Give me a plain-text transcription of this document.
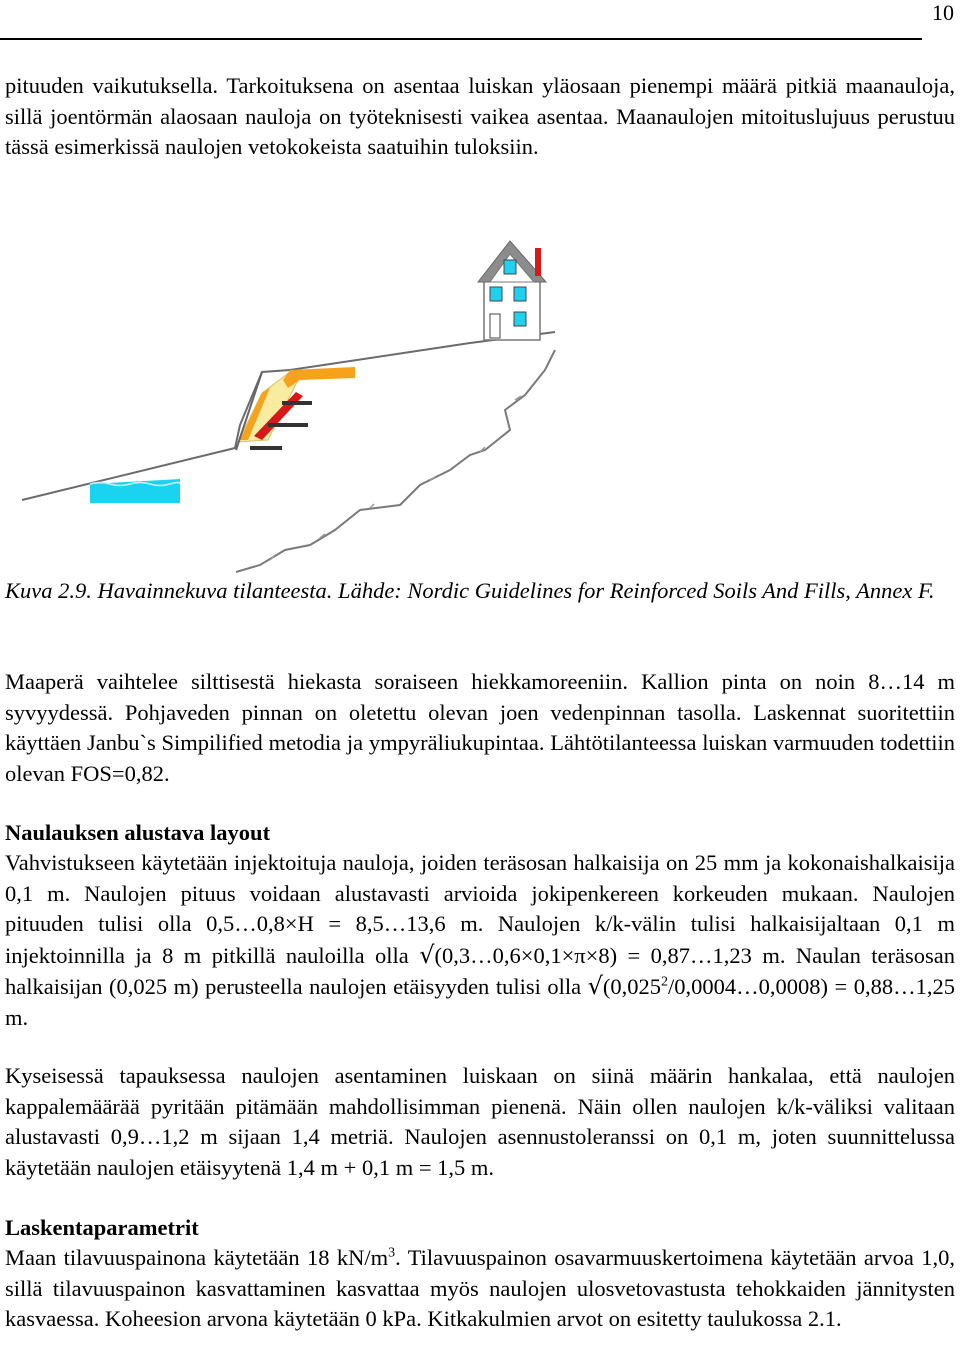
10

pituuden vaikutuksella. Tarkoituksena on asentaa luiskan yläosaan pienempi määrä pitkiä maanauloja, sillä joentörmän alaosaan nauloja on työteknisesti vaikea asentaa. Maanaulojen mitoituslujuus perustuu tässä esimerkissä naulojen vetokokeista saatuihin tuloksiin.

Kuva 2.9. Havainnekuva tilanteesta. Lähde: Nordic Guidelines for Reinforced Soils And Fills, Annex F.

Maaperä vaihtelee silttisestä hiekasta soraiseen hiekkamoreeniin. Kallion pinta on noin 8…14 m syvyydessä. Pohjaveden pinnan on oletettu olevan joen vedenpinnan tasolla. Laskennat suoritettiin käyttäen Janbu`s Simpilified metodia ja ympyräliukupintaa. Lähtötilanteessa luiskan varmuuden todettiin olevan FOS=0,82.

Naulauksen alustava layout

Vahvistukseen käytetään injektoituja nauloja, joiden teräsosan halkaisija on 25 mm ja kokonaishalkaisija 0,1 m. Naulojen pituus voidaan alustavasti arvioida jokipenkereen korkeuden mukaan. Naulojen pituuden tulisi olla 0,5…0,8×H = 8,5…13,6 m. Naulojen k/k-välin tulisi halkaisijaltaan 0,1 m injektoinnilla ja 8 m pitkillä nauloilla olla √(0,3…0,6×0,1×π×8) = 0,87…1,23 m. Naulan teräsosan halkaisijan (0,025 m) perusteella naulojen etäisyyden tulisi olla $√(0,025^2/0,0004\dots 0,0008)$ = 0,88…1,25 m.

Kyseisessä tapauksessa naulojen asentaminen luiskaan on siinä määrin hankalaa, että naulojen kappalemäärää pyritään pitämään mahdollisimman pienenä. Näin ollen naulojen k/k-väliksi valitaan alustavasti 0,9…1,2 m sijaan 1,4 metriä. Naulojen asennustoleranssi on 0,1 m, joten suunnittelussa käytetään naulojen etäisyytenä 1,4 m + 0,1 m = 1,5 m.

Laskentaparametrit

Maan tilavuuspainona käytetään 18 $kN/m^3$. Tilavuuspainon osavarmuuskertoimena käytetään arvoa 1,0, sillä tilavuuspainon kasvattaminen kasvattaa myös naulojen ulosvetovastusta tehokkaiden jännitysten kasvaessa. Koheesion arvona käytetään 0 kPa. Kitkakulmien arvot on esitetty taulukossa 2.1.
